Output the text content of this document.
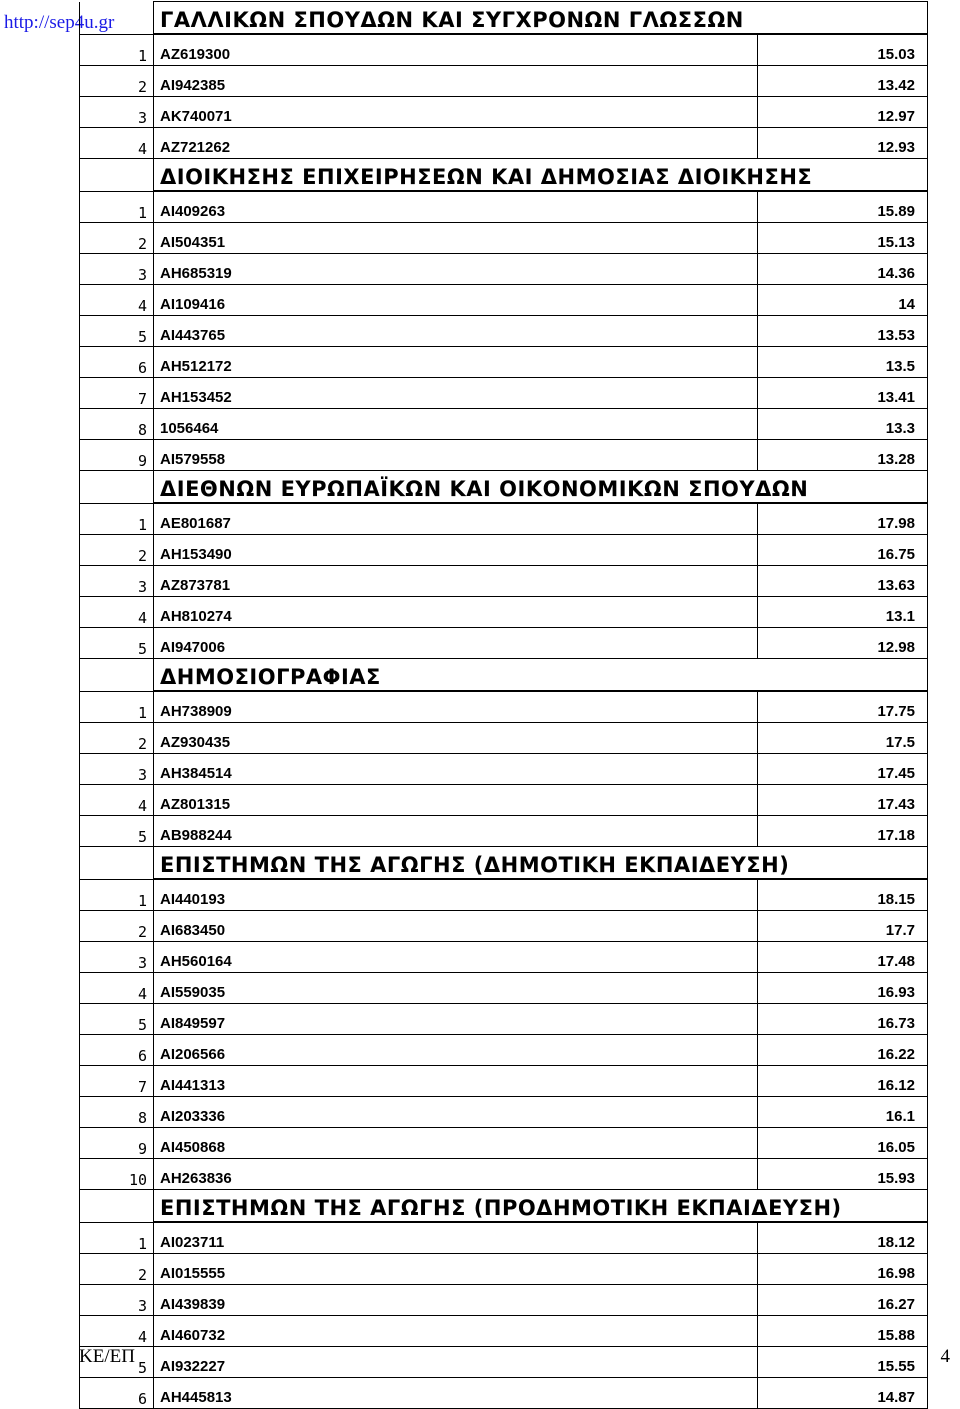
http://sep4u.gr
	ΓΑΛΛΙΚΩΝ ΣΠΟΥΔΩΝ ΚΑΙ ΣΥΓΧΡΟΝΩΝ ΓΛΩΣΣΩΝ	
1	ΑΖ619300	15.03
2	ΑΙ942385	13.42
3	ΑΚ740071	12.97
4	ΑΖ721262	12.93
	ΔΙΟΙΚΗΣΗΣ ΕΠΙΧΕΙΡΗΣΕΩΝ ΚΑΙ ΔΗΜΟΣΙΑΣ ΔΙΟΙΚΗΣΗΣ	
1	ΑΙ409263	15.89
2	ΑΙ504351	15.13
3	ΑΗ685319	14.36
4	ΑΙ109416	14
5	ΑΙ443765	13.53
6	ΑΗ512172	13.5
7	ΑΗ153452	13.41
8	1056464	13.3
9	ΑΙ579558	13.28
	ΔΙΕΘΝΩΝ ΕΥΡΩΠΑΪΚΩΝ ΚΑΙ ΟΙΚΟΝΟΜΙΚΩΝ ΣΠΟΥΔΩΝ	
1	ΑΕ801687	17.98
2	ΑΗ153490	16.75
3	ΑΖ873781	13.63
4	ΑΗ810274	13.1
5	ΑΙ947006	12.98
	ΔΗΜΟΣΙΟΓΡΑΦΙΑΣ	
1	ΑΗ738909	17.75
2	ΑΖ930435	17.5
3	ΑΗ384514	17.45
4	ΑΖ801315	17.43
5	ΑΒ988244	17.18
	ΕΠΙΣΤΗΜΩΝ ΤΗΣ ΑΓΩΓΗΣ (ΔΗΜΟΤΙΚΗ ΕΚΠΑΙΔΕΥΣΗ)	
1	ΑΙ440193	18.15
2	ΑΙ683450	17.7
3	ΑΗ560164	17.48
4	ΑΙ559035	16.93
5	ΑΙ849597	16.73
6	ΑΙ206566	16.22
7	ΑΙ441313	16.12
8	ΑΙ203336	16.1
9	ΑΙ450868	16.05
10	ΑΗ263836	15.93
	ΕΠΙΣΤΗΜΩΝ ΤΗΣ ΑΓΩΓΗΣ (ΠΡΟΔΗΜΟΤΙΚΗ ΕΚΠΑΙΔΕΥΣΗ)	
1	ΑΙ023711	18.12
2	ΑΙ015555	16.98
3	ΑΙ439839	16.27
4	ΑΙ460732	15.88
5	ΑΙ932227	15.55
6	ΑΗ445813	14.87
ΚΕ/ΕΠ	4
